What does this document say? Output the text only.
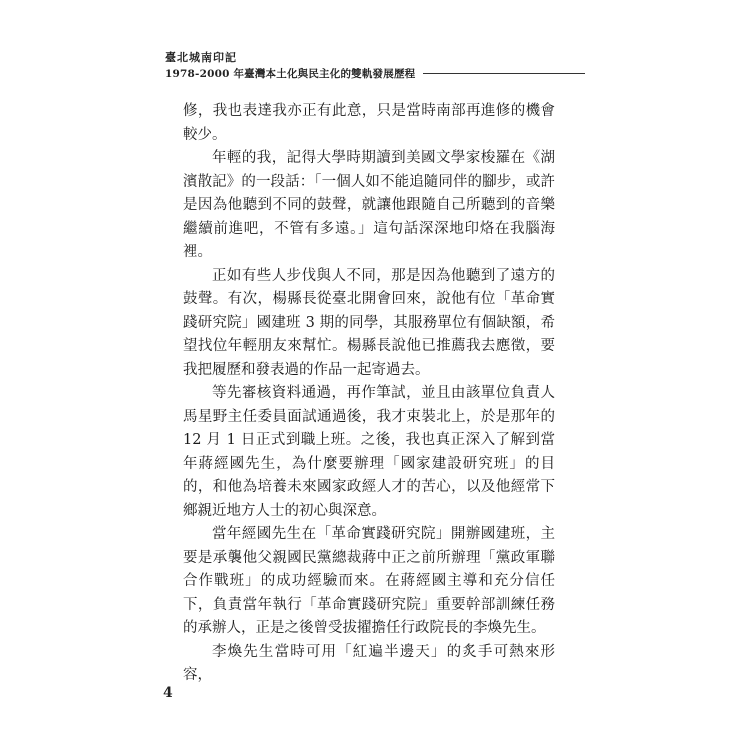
臺北城南印記
1978-2000 年臺灣本土化與民主化的雙軌發展歷程

修，我也表達我亦正有此意，只是當時南部再進修的機會較少。

年輕的我，記得大學時期讀到美國文學家梭羅在《湖濱散記》的一段話：「一個人如不能追隨同伴的腳步，或許是因為他聽到不同的鼓聲，就讓他跟隨自己所聽到的音樂繼續前進吧，不管有多遠。」這句話深深地印烙在我腦海裡。

正如有些人步伐與人不同，那是因為他聽到了遠方的鼓聲。有次，楊縣長從臺北開會回來，說他有位「革命實踐研究院」國建班 3 期的同學，其服務單位有個缺額，希望找位年輕朋友來幫忙。楊縣長說他已推薦我去應徵，要我把履歷和發表過的作品一起寄過去。

等先審核資料通過，再作筆試，並且由該單位負責人馬星野主任委員面試通過後，我才束裝北上，於是那年的 12 月 1 日正式到職上班。之後，我也真正深入了解到當年蔣經國先生，為什麼要辦理「國家建設研究班」的目的，和他為培養未來國家政經人才的苦心，以及他經常下鄉親近地方人士的初心與深意。

當年經國先生在「革命實踐研究院」開辦國建班，主要是承襲他父親國民黨總裁蔣中正之前所辦理「黨政軍聯合作戰班」的成功經驗而來。在蔣經國主導和充分信任下，負責當年執行「革命實踐研究院」重要幹部訓練任務的承辦人，正是之後曾受拔擢擔任行政院長的李煥先生。

李煥先生當時可用「紅遍半邊天」的炙手可熱來形容，

4
